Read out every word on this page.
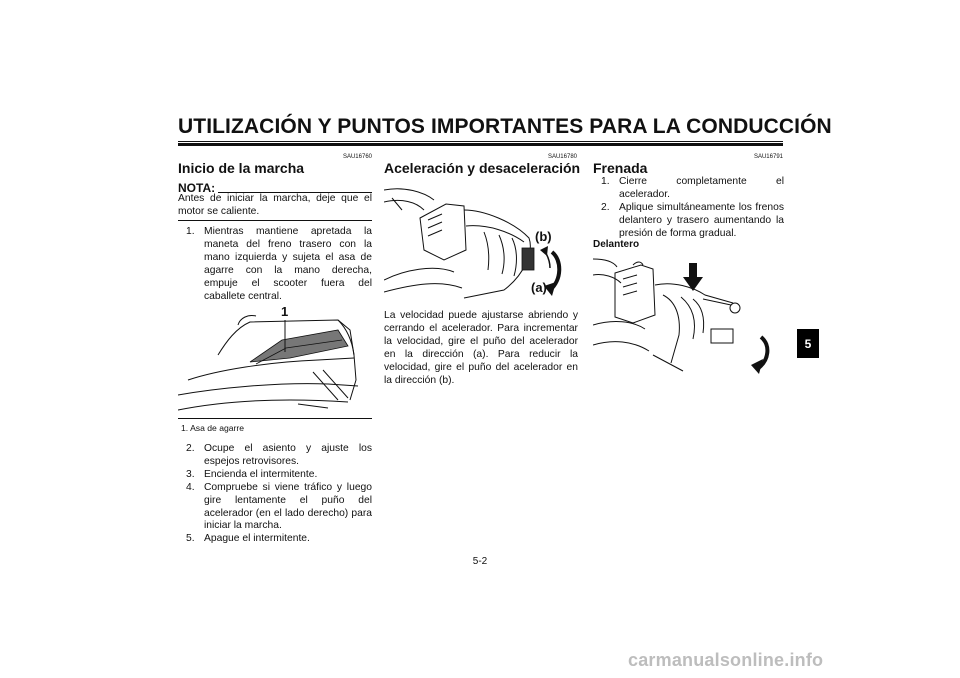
UTILIZACIÓN Y PUNTOS IMPORTANTES PARA LA CONDUCCIÓN
SAU16760
Inicio de la marcha
NOTA:
Antes de iniciar la marcha, deje que el motor se caliente.
1. Mientras mantiene apretada la maneta del freno trasero con la mano izquierda y sujeta el asa de agarre con la mano derecha, empuje el scooter fuera del caballete central.
1
1. Asa de agarre
2. Ocupe el asiento y ajuste los espejos retrovisores.
3. Encienda el intermitente.
4. Compruebe si viene tráfico y luego gire lentamente el puño del acelerador (en el lado derecho) para iniciar la marcha.
5. Apague el intermitente.
SAU16780
Aceleración y desaceleración
(b)
(a)
La velocidad puede ajustarse abriendo y cerrando el acelerador. Para incrementar la velocidad, gire el puño del acelerador en la dirección (a). Para reducir la velocidad, gire el puño del acelerador en la dirección (b).
SAU16791
Frenada
1. Cierre completamente el acelerador.
2. Aplique simultáneamente los frenos delantero y trasero aumentando la presión de forma gradual.
Delantero
5
5-2
carmanualsonline.info
